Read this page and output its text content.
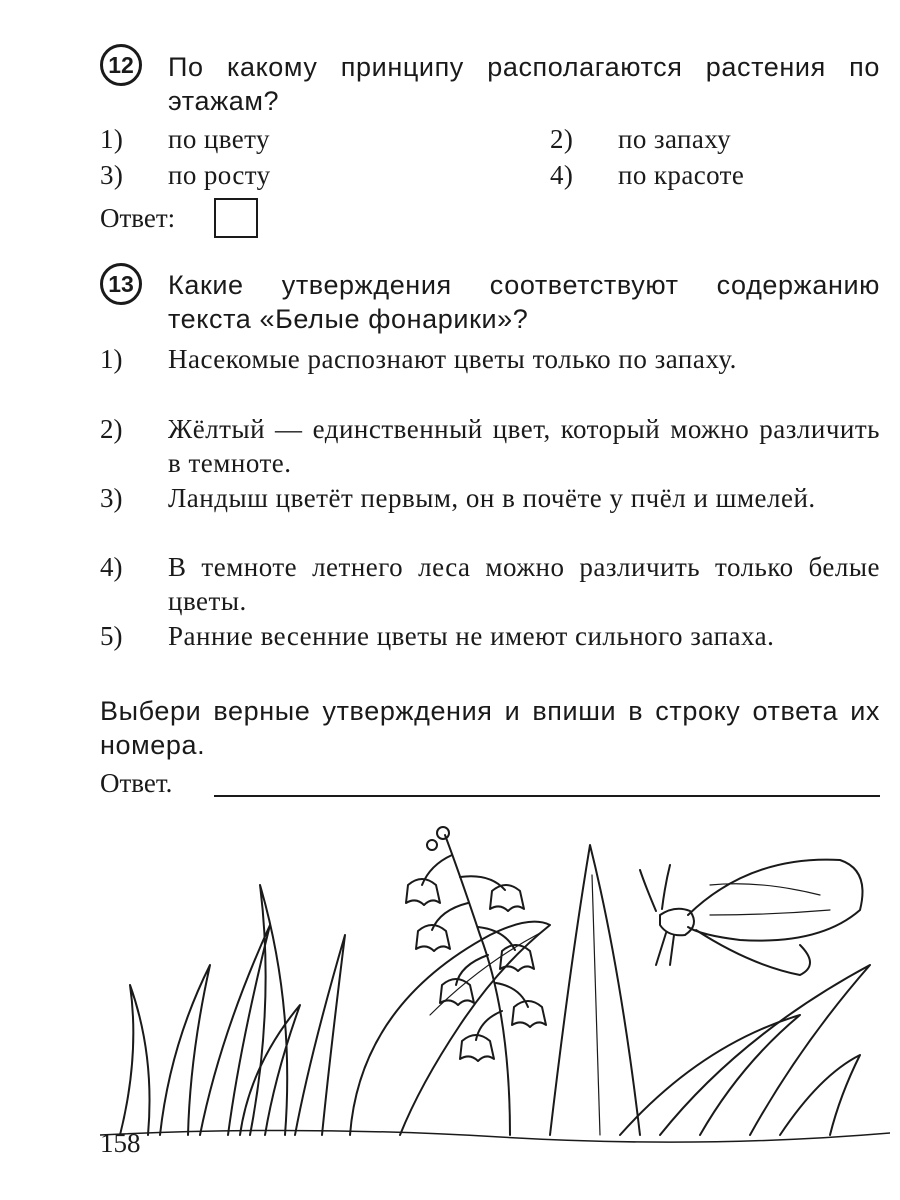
12	По какому принципу располагаются растения по этажам?
1) по цвету	2) по запаху
3) по росту	4) по красоте
Ответ:
13	Какие утверждения соответствуют содержанию текста «Белые фонарики»?
1) Насекомые распознают цветы только по запаху.
2) Жёлтый — единственный цвет, который можно различить в темноте.
3) Ландыш цветёт первым, он в почёте у пчёл и шмелей.
4) В темноте летнего леса можно различить только белые цветы.
5) Ранние весенние цветы не имеют сильного запаха.
Выбери верные утверждения и впиши в строку ответа их номера.
Ответ.
158
